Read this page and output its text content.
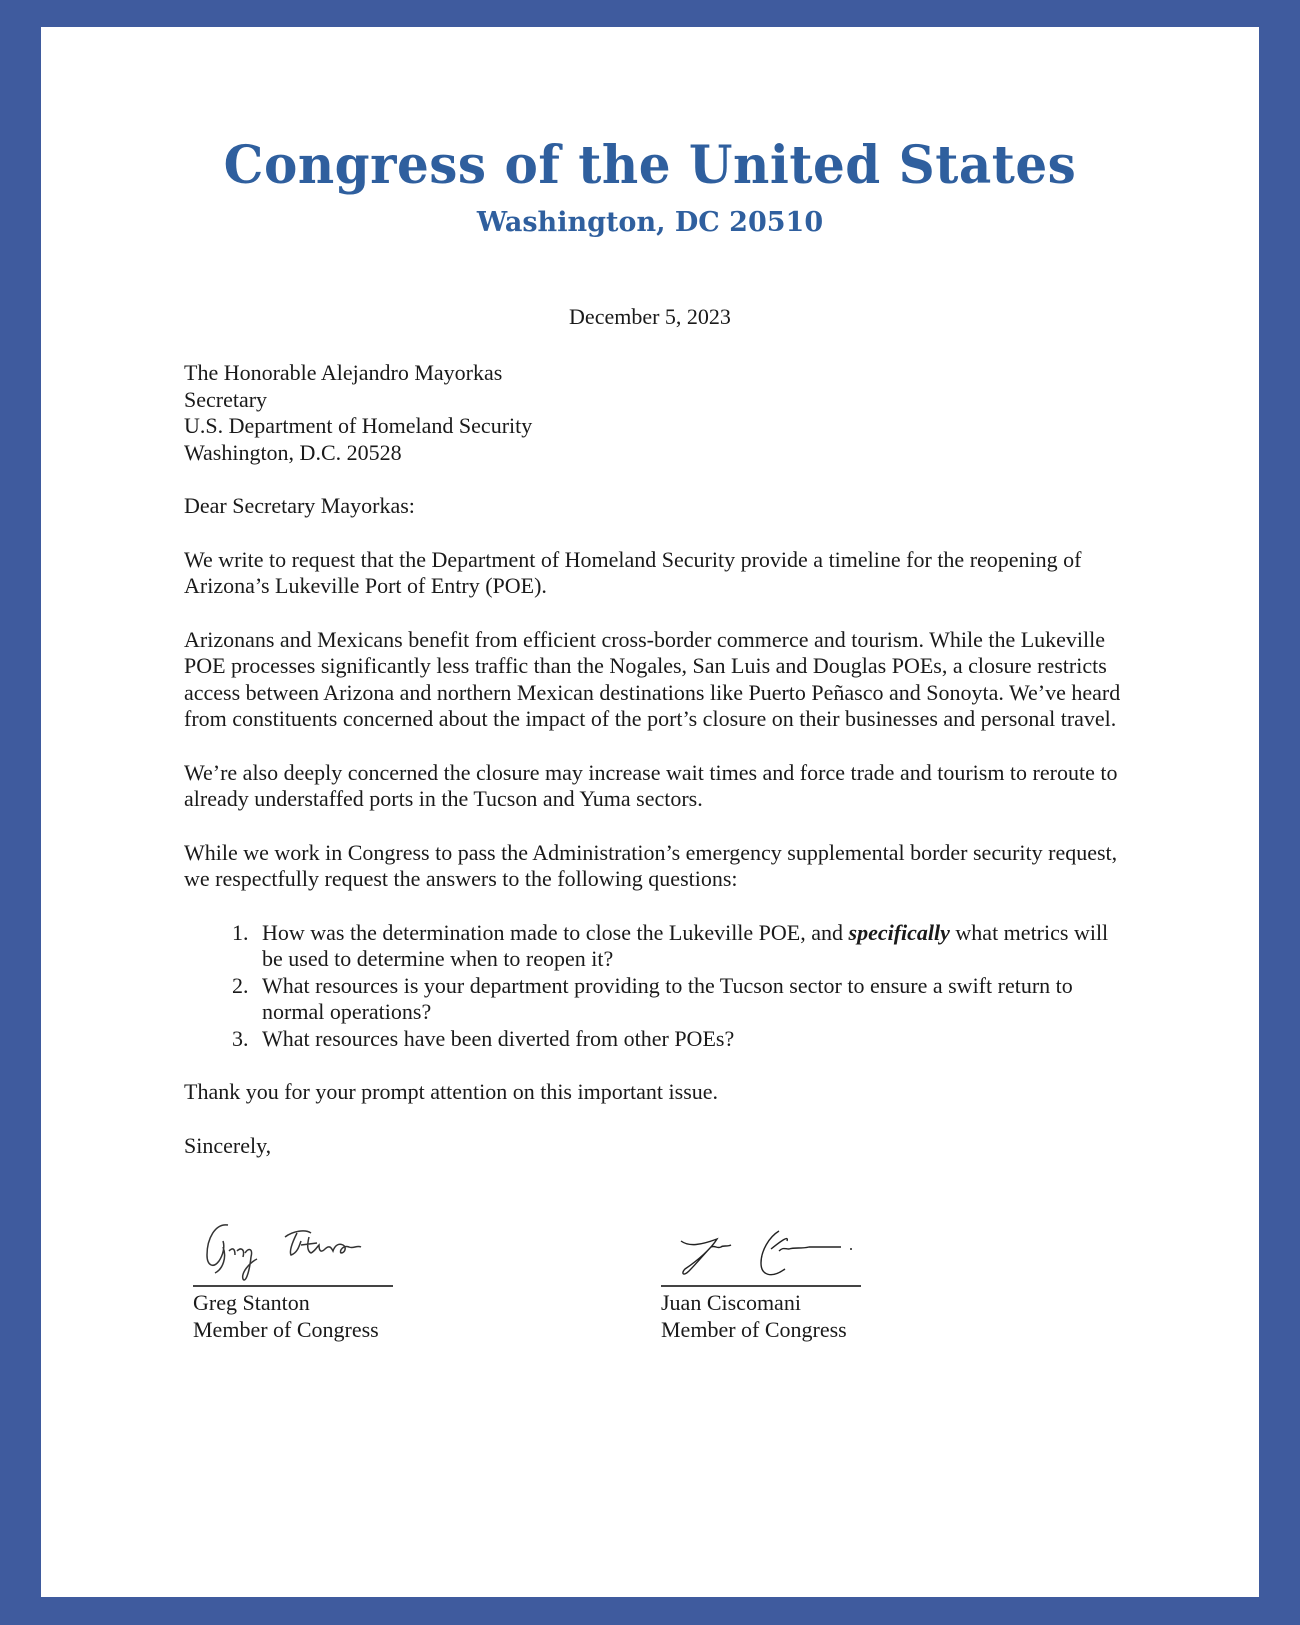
Congress of the United States
Washington, DC 20510
December 5, 2023

The Honorable Alejandro Mayorkas

Secretary

U.S. Department of Homeland Security

Washington, D.C. 20528

Dear Secretary Mayorkas:

We write to request that the Department of Homeland Security provide a timeline for the reopening of Arizona’s Lukeville Port of Entry (POE).

Arizonans and Mexicans benefit from efficient cross-border commerce and tourism. While the Lukeville POE processes significantly less traffic than the Nogales, San Luis and Douglas POEs, a closure restricts access between Arizona and northern Mexican destinations like Puerto Peñasco and Sonoyta. We’ve heard from constituents concerned about the impact of the port’s closure on their businesses and personal travel.

We’re also deeply concerned the closure may increase wait times and force trade and tourism to reroute to already understaffed ports in the Tucson and Yuma sectors.

While we work in Congress to pass the Administration’s emergency supplemental border security request, we respectfully request the answers to the following questions:

1. How was the determination made to close the Lukeville POE, and specifically what metrics will be used to determine when to reopen it?
2. What resources is your department providing to the Tucson sector to ensure a swift return to normal operations?
3. What resources have been diverted from other POEs?

Thank you for your prompt attention on this important issue.

Sincerely,

Greg Stanton
Member of Congress
Juan Ciscomani
Member of Congress
